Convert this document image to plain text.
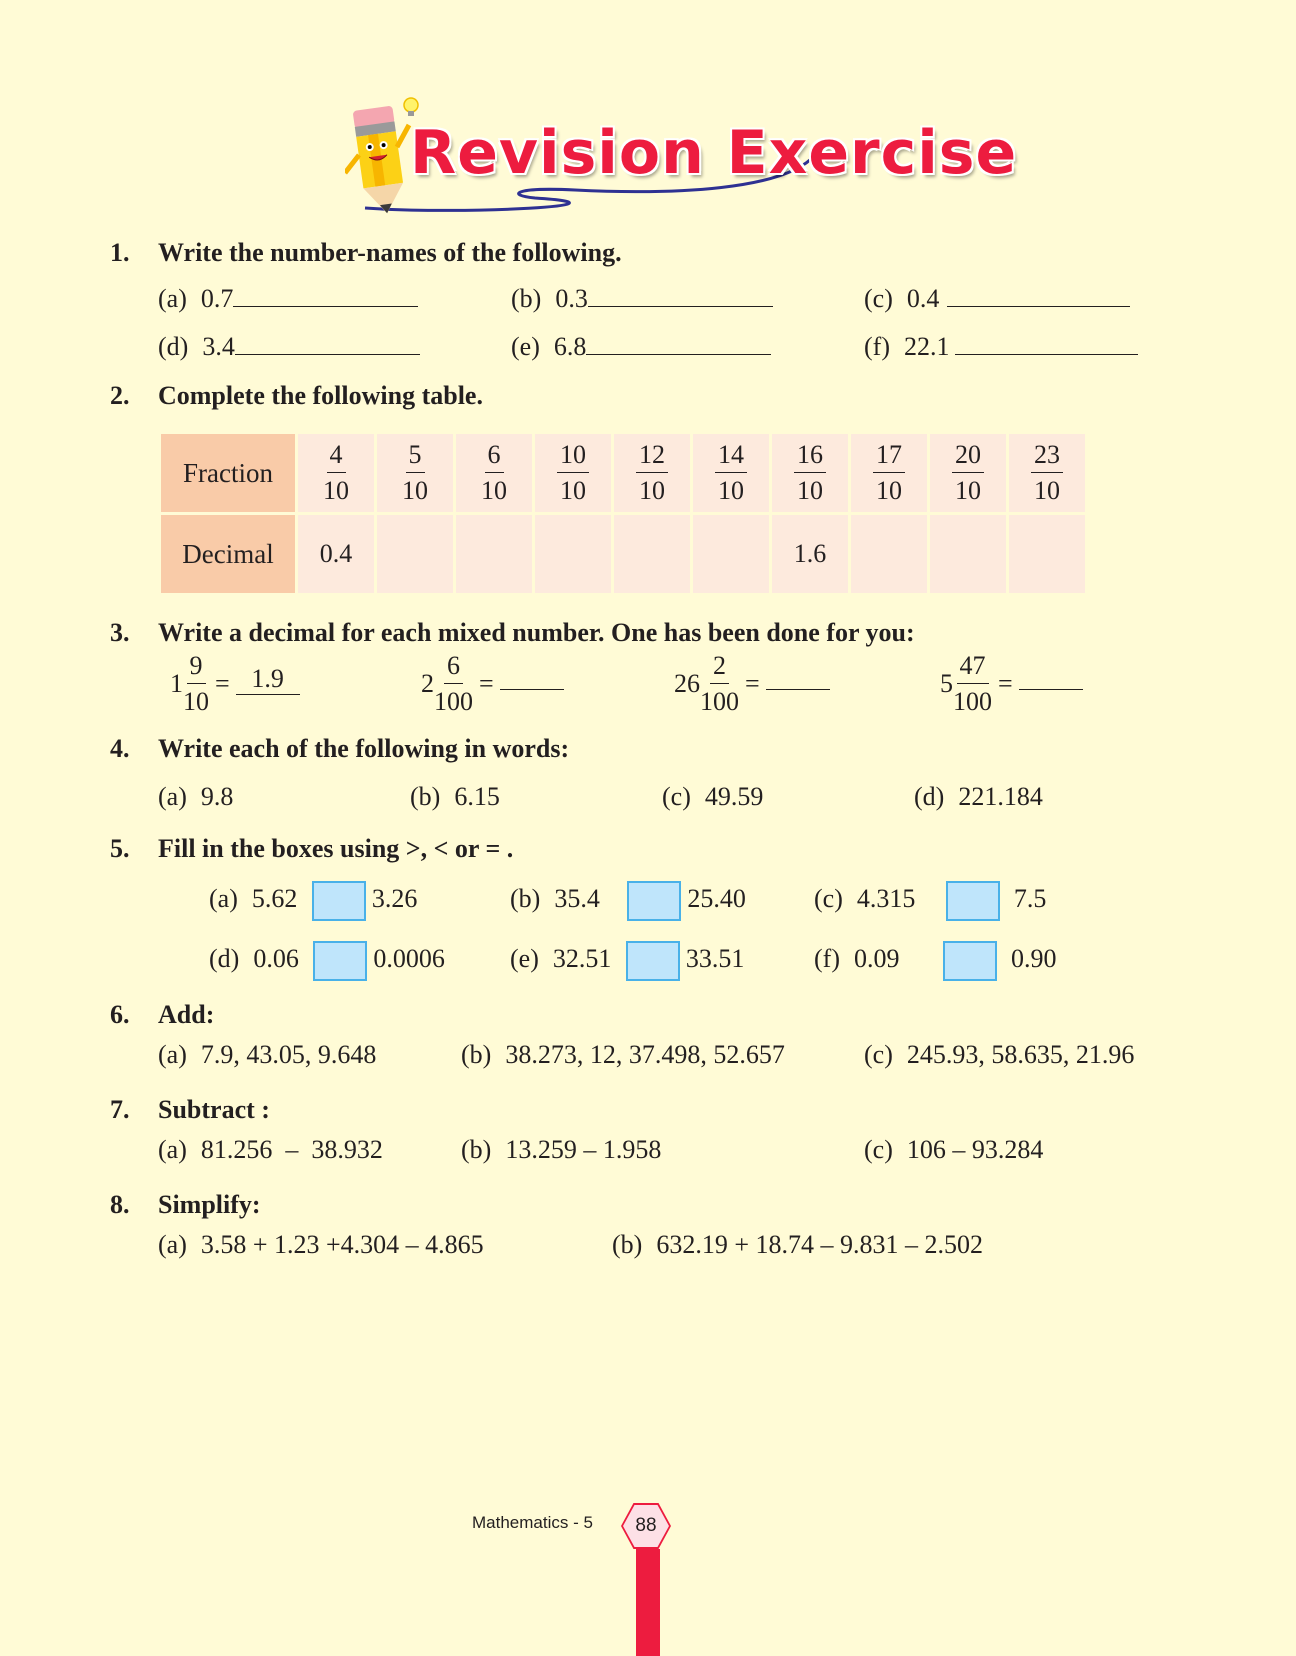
Revision Exercise
1. Write the number-names of the following.
(a) 0.7	(b) 0.3	(c) 0.4
(d) 3.4	(e) 6.8	(f) 22.1
2. Complete the following table.
Fraction	$\frac{4}{10}$	$\frac{5}{10}$	$\frac{6}{10}$	$\frac{10}{10}$	$\frac{12}{10}$	$\frac{14}{10}$	$\frac{16}{10}$	$\frac{17}{10}$	$\frac{20}{10}$	$\frac{23}{10}$

Decimal	0.4						1.6			
3. Write a decimal for each mixed number. One has been done for you:
$1 \frac{9}{10} = 1.9$	$2 \frac{6}{100}$ =	$26 \frac{2}{100}$ =	$5 \frac{47}{100}$ =
4. Write each of the following in words:
(a) 9.8	(b) 6.15	(c) 49.59	(d) 221.184
5. Fill in the boxes using >, < or = .
(a) 5.62	3.26	(b) 35.4	25.40	(c) 4.315	7.5
(d) 0.06	0.0006	(e) 32.51	33.51	(f) 0.09	0.90
6. Add:
(a) 7.9, 43.05, 9.648	(b) 38.273, 12, 37.498, 52.657	(c) 245.93, 58.635, 21.96
7. Subtract :
(a) 81.256  –  38.932	(b) 13.259 – 1.958	(c) 106 – 93.284
8. Simplify:
(a) 3.58 + 1.23 +4.304 – 4.865	(b) 632.19 + 18.74 – 9.831 – 2.502
Mathematics - 5	88
